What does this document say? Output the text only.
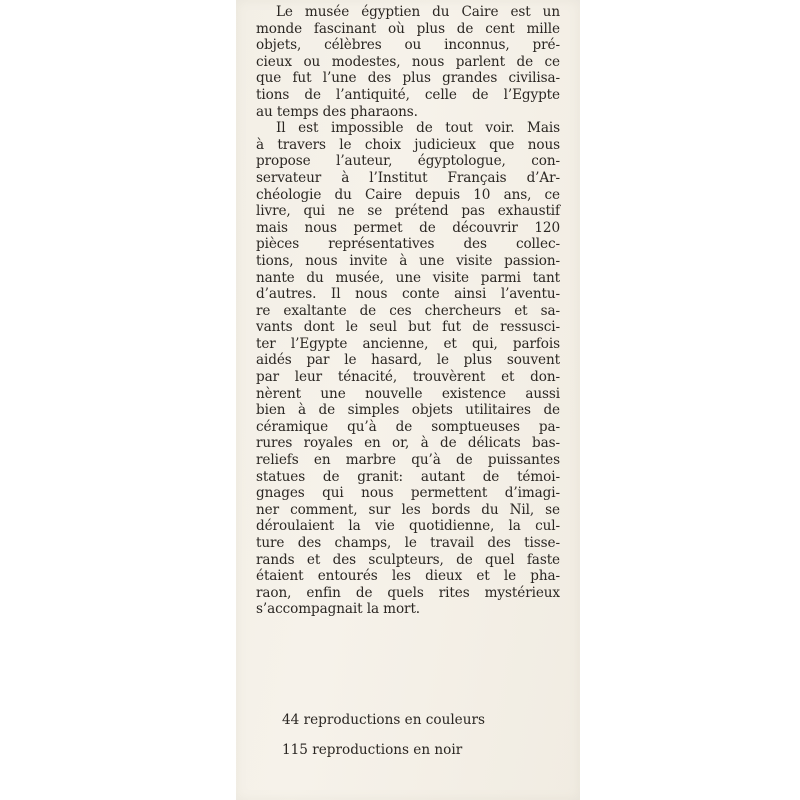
Le musée égyptien du Caire est un
monde fascinant où plus de cent mille
objets, célèbres ou inconnus, pré-
cieux ou modestes, nous parlent de ce
que fut l’une des plus grandes civilisa-
tions de l’antiquité, celle de l’Egypte
au temps des pharaons.
Il est impossible de tout voir. Mais
à travers le choix judicieux que nous
propose l’auteur, égyptologue, con-
servateur à l’Institut Français d’Ar-
chéologie du Caire depuis 10 ans, ce
livre, qui ne se prétend pas exhaustif
mais nous permet de découvrir 120
pièces représentatives des collec-
tions, nous invite à une visite passion-
nante du musée, une visite parmi tant
d’autres. Il nous conte ainsi l’aventu-
re exaltante de ces chercheurs et sa-
vants dont le seul but fut de ressusci-
ter l’Egypte ancienne, et qui, parfois
aidés par le hasard, le plus souvent
par leur ténacité, trouvèrent et don-
nèrent une nouvelle existence aussi
bien à de simples objets utilitaires de
céramique qu’à de somptueuses pa-
rures royales en or, à de délicats bas-
reliefs en marbre qu’à de puissantes
statues de granit: autant de témoi-
gnages qui nous permettent d’imagi-
ner comment, sur les bords du Nil, se
déroulaient la vie quotidienne, la cul-
ture des champs, le travail des tisse-
rands et des sculpteurs, de quel faste
étaient entourés les dieux et le pha-
raon, enfin de quels rites mystérieux
s’accompagnait la mort.
44 reproductions en couleurs
115 reproductions en noir
